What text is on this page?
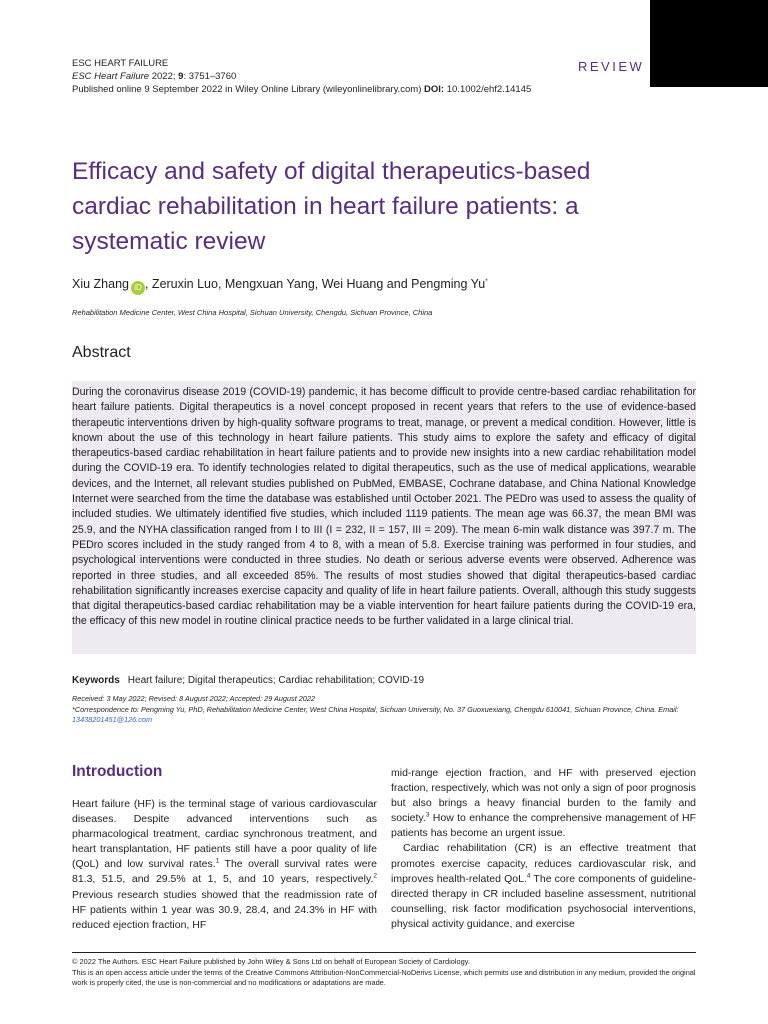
ESC HEART FAILURE
ESC Heart Failure 2022; 9: 3751–3760
Published online 9 September 2022 in Wiley Online Library (wileyonlinelibrary.com) DOI: 10.1002/ehf2.14145
REVIEW
Efficacy and safety of digital therapeutics-based cardiac rehabilitation in heart failure patients: a systematic review
Xiu Zhang iD , Zeruxin Luo, Mengxuan Yang, Wei Huang and Pengming Yu*
Rehabilitation Medicine Center, West China Hospital, Sichuan University, Chengdu, Sichuan Province, China
Abstract

During the coronavirus disease 2019 (COVID-19) pandemic, it has become difficult to provide centre-based cardiac rehabilitation for heart failure patients. Digital therapeutics is a novel concept proposed in recent years that refers to the use of evidence-based therapeutic interventions driven by high-quality software programs to treat, manage, or prevent a medical condition. However, little is known about the use of this technology in heart failure patients. This study aims to explore the safety and efficacy of digital therapeutics-based cardiac rehabilitation in heart failure patients and to provide new insights into a new cardiac rehabilitation model during the COVID-19 era. To identify technologies related to digital therapeutics, such as the use of medical applications, wearable devices, and the Internet, all relevant studies published on PubMed, EMBASE, Cochrane database, and China National Knowledge Internet were searched from the time the database was established until October 2021. The PEDro was used to assess the quality of included studies. We ultimately identified five studies, which included 1119 patients. The mean age was 66.37, the mean BMI was 25.9, and the NYHA classification ranged from I to III (I = 232, II = 157, III = 209). The mean 6-min walk distance was 397.7 m. The PEDro scores included in the study ranged from 4 to 8, with a mean of 5.8. Exercise training was performed in four studies, and psychological interventions were conducted in three studies. No death or serious adverse events were observed. Adherence was reported in three studies, and all exceeded 85%. The results of most studies showed that digital therapeutics-based cardiac rehabilitation significantly increases exercise capacity and quality of life in heart failure patients. Overall, although this study suggests that digital therapeutics-based cardiac rehabilitation may be a viable intervention for heart failure patients during the COVID-19 era, the efficacy of this new model in routine clinical practice needs to be further validated in a large clinical trial.

Keywords Heart failure; Digital therapeutics; Cardiac rehabilitation; COVID-19
Received: 3 May 2022; Revised: 8 August 2022; Accepted: 29 August 2022
*Correspondence to: Pengming Yu, PhD, Rehabilitation Medicine Center, West China Hospital, Sichuan University, No. 37 Guoxuexiang, Chengdu 610041, Sichuan Province, China. Email: 13438201451@126.com
Introduction

Heart failure (HF) is the terminal stage of various cardiovascular diseases. Despite advanced interventions such as pharmacological treatment, cardiac synchronous treatment, and heart transplantation, HF patients still have a poor quality of life (QoL) and low survival rates.$^1$ The overall survival rates were 81.3, 51.5, and 29.5% at 1, 5, and 10 years, respectively.$^2$ Previous research studies showed that the readmission rate of HF patients within 1 year was 30.9, 28.4, and 24.3% in HF with reduced ejection fraction, HF

mid-range ejection fraction, and HF with preserved ejection fraction, respectively, which was not only a sign of poor prognosis but also brings a heavy financial burden to the family and society.$^3$ How to enhance the comprehensive management of HF patients has become an urgent issue.

Cardiac rehabilitation (CR) is an effective treatment that promotes exercise capacity, reduces cardiovascular risk, and improves health-related QoL.$^4$ The core components of guideline-directed therapy in CR included baseline assessment, nutritional counselling, risk factor modification psychosocial interventions, physical activity guidance, and exercise

© 2022 The Authors. ESC Heart Failure published by John Wiley & Sons Ltd on behalf of European Society of Cardiology.
This is an open access article under the terms of the Creative Commons Attribution-NonCommercial-NoDerivs License, which permits use and distribution in any medium, provided the original work is properly cited, the use is non-commercial and no modifications or adaptations are made.
